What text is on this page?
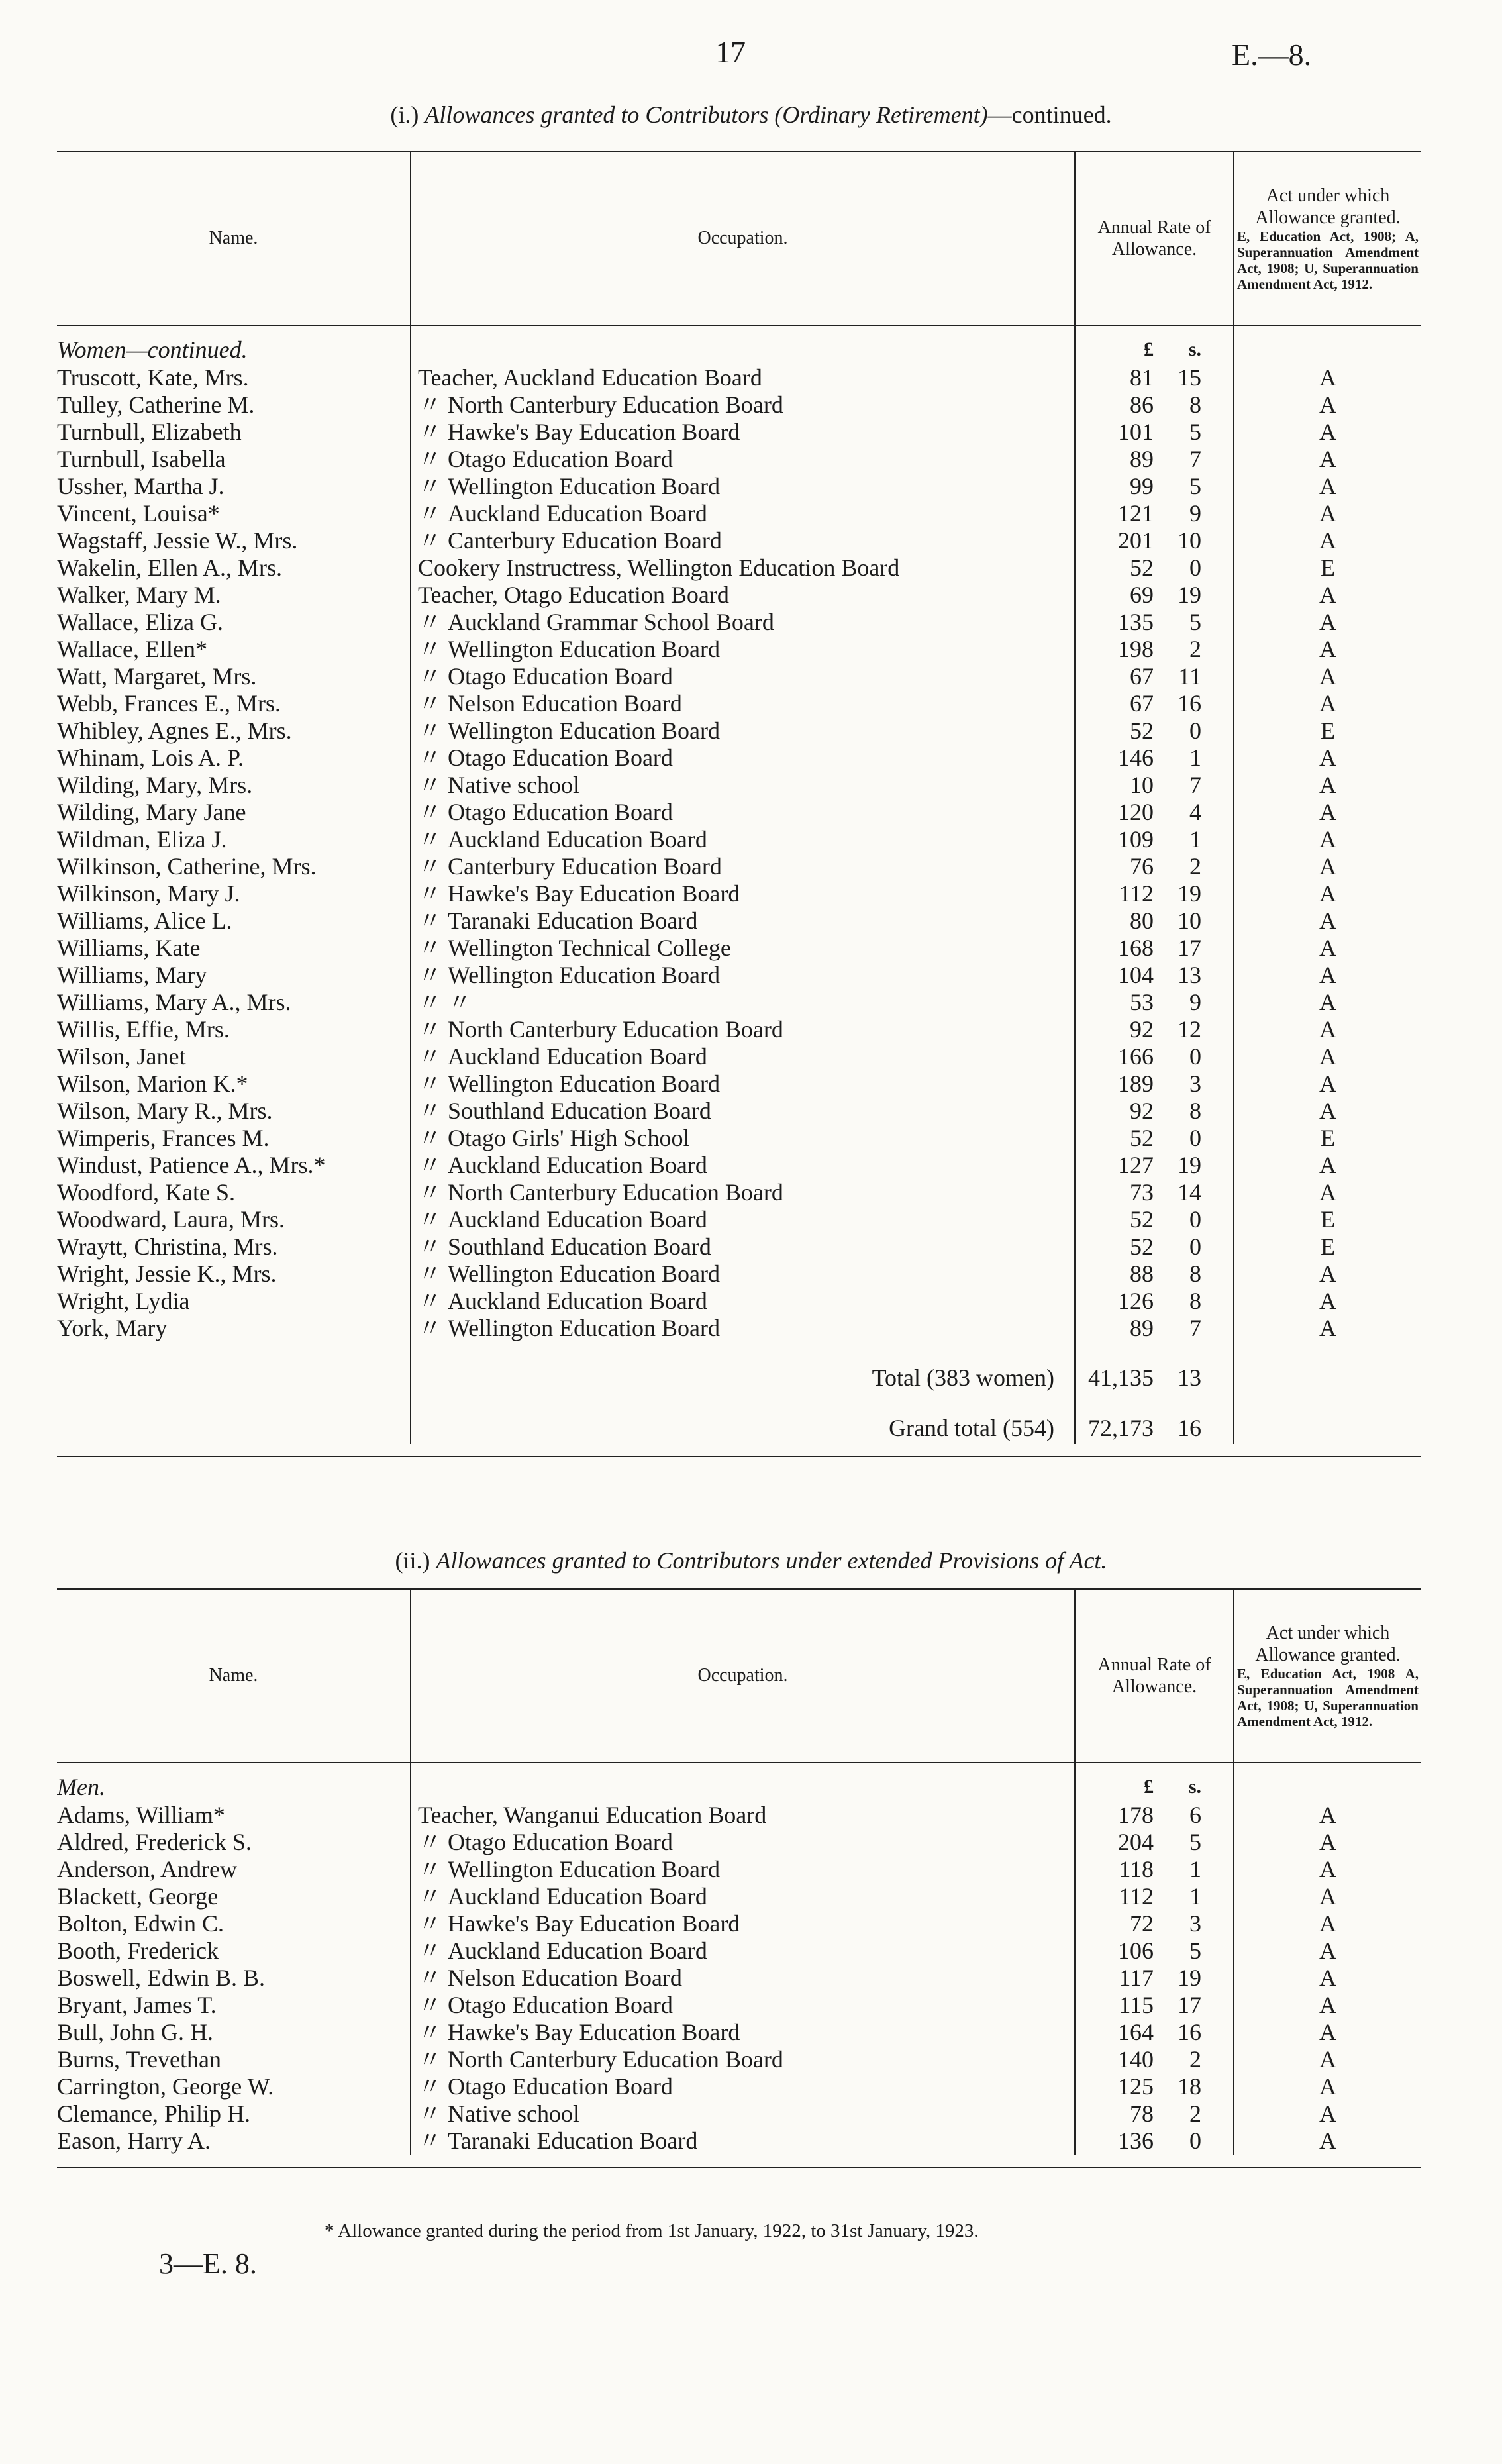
17	E.—8.
(i.) Allowances granted to Contributors (Ordinary Retirement)—continued.
Name.	Occupation.	Annual Rate of Allowance.	Act under which Allowance granted.
E, Education Act, 1908; A, Superannuation Amendment Act, 1908; U, Superannuation Amendment Act, 1912.

Women—continued.		£ s.	

Truscott, Kate, Mrs.	Teacher, Auckland Education Board	81 15	A
Tulley, Catherine M.	〃 North Canterbury Education Board	86 8	A
Turnbull, Elizabeth	〃 Hawke's Bay Education Board	101 5	A
Turnbull, Isabella	〃 Otago Education Board	89 7	A
Ussher, Martha J.	〃 Wellington Education Board	99 5	A
Vincent, Louisa*	〃 Auckland Education Board	121 9	A
Wagstaff, Jessie W., Mrs.	〃 Canterbury Education Board	201 10	A
Wakelin, Ellen A., Mrs.	Cookery Instructress, Wellington Education Board	52 0	E
Walker, Mary M.	Teacher, Otago Education Board	69 19	A
Wallace, Eliza G.	〃 Auckland Grammar School Board	135 5	A
Wallace, Ellen*	〃 Wellington Education Board	198 2	A
Watt, Margaret, Mrs.	〃 Otago Education Board	67 11	A
Webb, Frances E., Mrs.	〃 Nelson Education Board	67 16	A
Whibley, Agnes E., Mrs.	〃 Wellington Education Board	52 0	E
Whinam, Lois A. P.	〃 Otago Education Board	146 1	A
Wilding, Mary, Mrs.	〃 Native school	10 7	A
Wilding, Mary Jane	〃 Otago Education Board	120 4	A
Wildman, Eliza J.	〃 Auckland Education Board	109 1	A
Wilkinson, Catherine, Mrs.	〃 Canterbury Education Board	76 2	A
Wilkinson, Mary J.	〃 Hawke's Bay Education Board	112 19	A
Williams, Alice L.	〃 Taranaki Education Board	80 10	A
Williams, Kate	〃 Wellington Technical College	168 17	A
Williams, Mary	〃 Wellington Education Board	104 13	A
Williams, Mary A., Mrs.	〃 〃	53 9	A
Willis, Effie, Mrs.	〃 North Canterbury Education Board	92 12	A
Wilson, Janet	〃 Auckland Education Board	166 0	A
Wilson, Marion K.*	〃 Wellington Education Board	189 3	A
Wilson, Mary R., Mrs.	〃 Southland Education Board	92 8	A
Wimperis, Frances M.	〃 Otago Girls' High School	52 0	E
Windust, Patience A., Mrs.*	〃 Auckland Education Board	127 19	A
Woodford, Kate S.	〃 North Canterbury Education Board	73 14	A
Woodward, Laura, Mrs.	〃 Auckland Education Board	52 0	E
Wraytt, Christina, Mrs.	〃 Southland Education Board	52 0	E
Wright, Jessie K., Mrs.	〃 Wellington Education Board	88 8	A
Wright, Lydia	〃 Auckland Education Board	126 8	A
York, Mary	〃 Wellington Education Board	89 7	A
	Total (383 women)	41,135 13	

	Grand total (554)	72,173 16	

(ii.) Allowances granted to Contributors under extended Provisions of Act.
Name.	Occupation.	Annual Rate of Allowance.	Act under which Allowance granted.
E, Education Act, 1908 A, Superannuation Amendment Act, 1908; U, Superannuation Amendment Act, 1912.

Men.		£ s.	

Adams, William*	Teacher, Wanganui Education Board	178 6	A
Aldred, Frederick S.	〃 Otago Education Board	204 5	A
Anderson, Andrew	〃 Wellington Education Board	118 1	A
Blackett, George	〃 Auckland Education Board	112 1	A
Bolton, Edwin C.	〃 Hawke's Bay Education Board	72 3	A
Booth, Frederick	〃 Auckland Education Board	106 5	A
Boswell, Edwin B. B.	〃 Nelson Education Board	117 19	A
Bryant, James T.	〃 Otago Education Board	115 17	A
Bull, John G. H.	〃 Hawke's Bay Education Board	164 16	A
Burns, Trevethan	〃 North Canterbury Education Board	140 2	A
Carrington, George W.	〃 Otago Education Board	125 18	A
Clemance, Philip H.	〃 Native school	78 2	A
Eason, Harry A.	〃 Taranaki Education Board	136 0	A
* Allowance granted during the period from 1st January, 1922, to 31st January, 1923.
3—E. 8.
